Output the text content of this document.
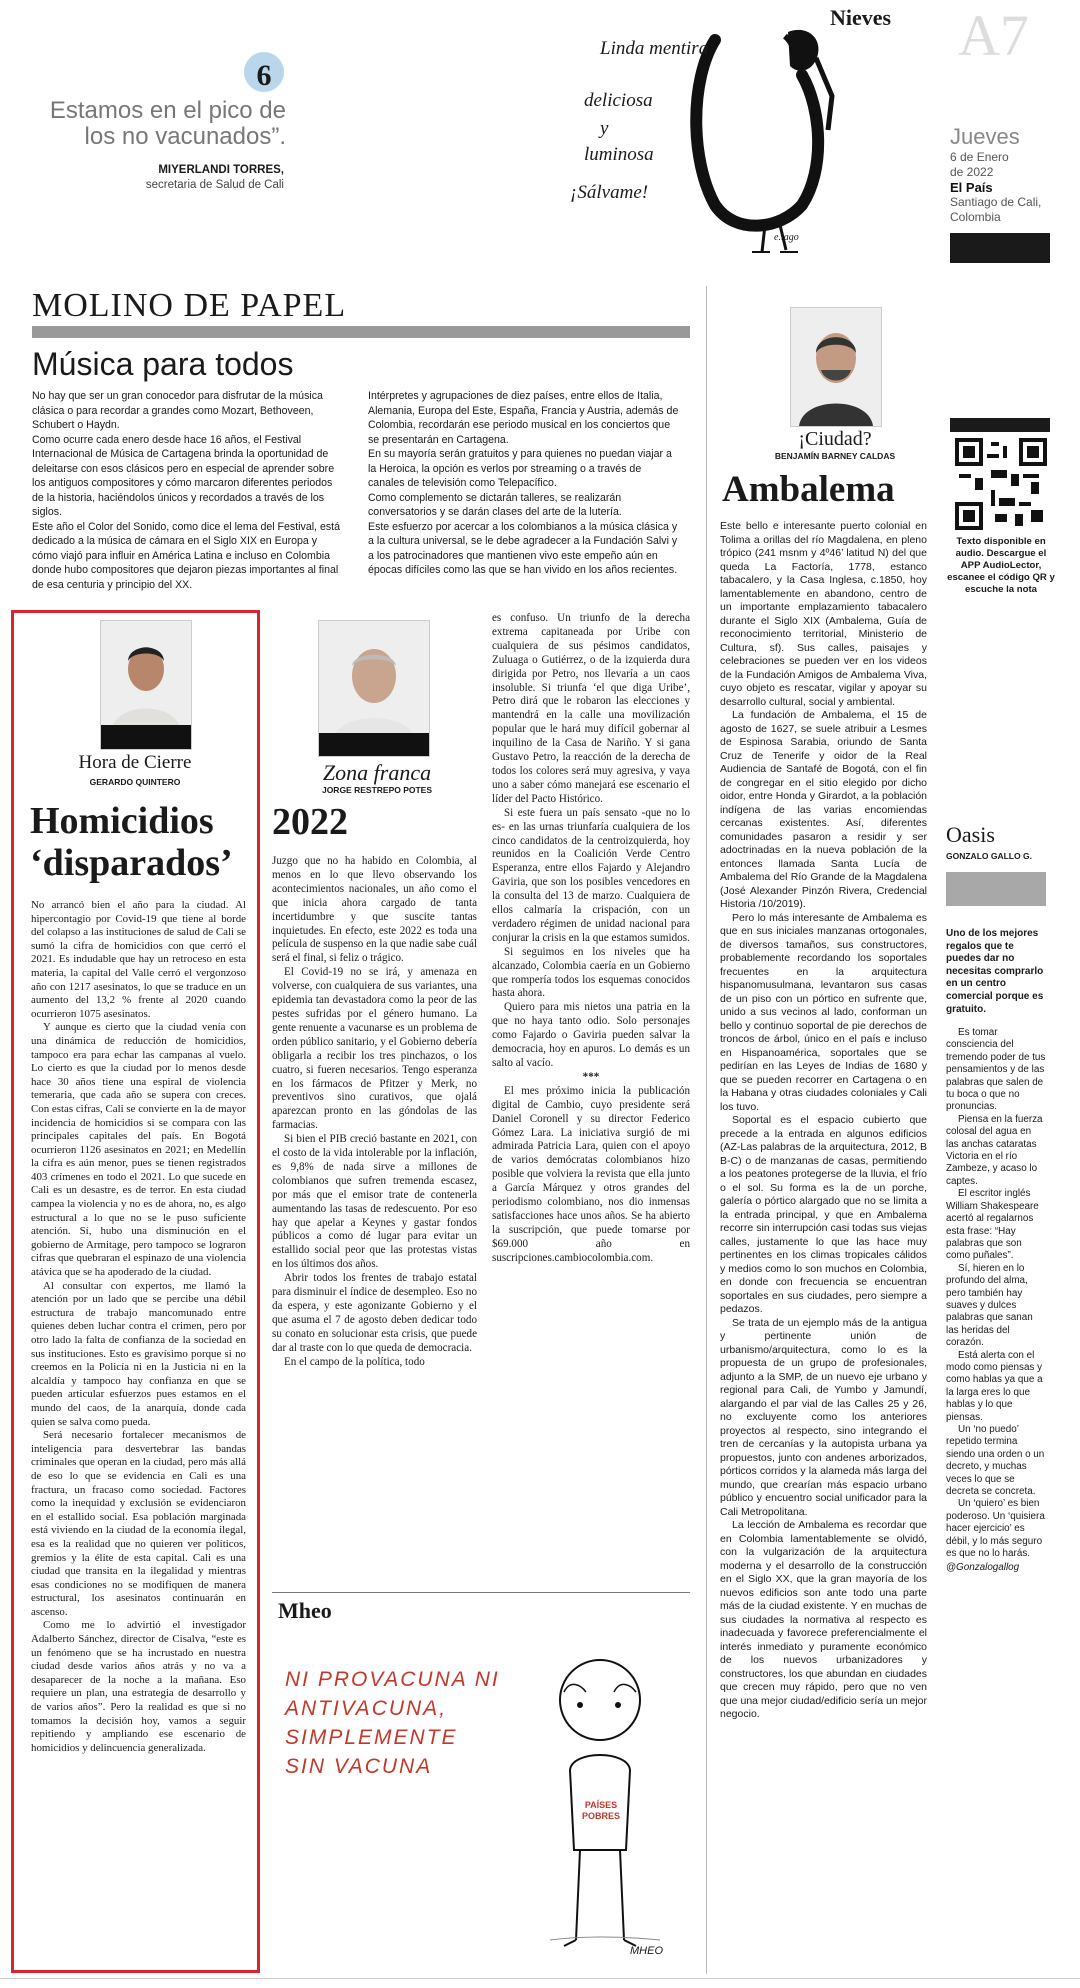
6
Estamos en el pico de
los no vacunados”.
MIYERLANDI TORRES,
secretaria de Salud de Cali
Linda mentira
deliciosa
y
luminosa
¡Sálvame!
e.lago
Nieves A7
Jueves
6 de Enero
de 2022
El País
Santiago de Cali,
Colombia
MOLINO DE PAPEL
Música para todos

No hay que ser un gran conocedor para disfrutar de la música clásica o para recordar a grandes como Mozart, Bethoveen, Schubert o Haydn.

Como ocurre cada enero desde hace 16 años, el Festival Internacional de Música de Cartagena brinda la oportunidad de deleitarse con esos clásicos pero en especial de aprender sobre los antiguos compositores y cómo marcaron diferentes periodos de la historia, haciéndolos únicos y recordados a través de los siglos.

Este año el Color del Sonido, como dice el lema del Festival, está dedicado a la música de cámara en el Siglo XIX en Europa y cómo viajó para influir en América Latina e incluso en Colombia donde hubo compositores que dejaron piezas importantes al final de esa centuria y principio del XX.

Intérpretes y agrupaciones de diez países, entre ellos de Italia, Alemania, Europa del Este, España, Francia y Austria, además de Colombia, recordarán ese periodo musical en los conciertos que se presentarán en Cartagena.

En su mayoría serán gratuitos y para quienes no puedan viajar a la Heroica, la opción es verlos por streaming o a través de canales de televisión como Telepacífico.

Como complemento se dictarán talleres, se realizarán conversatorios y se darán clases del arte de la lutería.

Este esfuerzo por acercar a los colombianos a la música clásica y a la cultura universal, se le debe agradecer a la Fundación Salvi y a los patrocinadores que mantienen vivo este empeño aún en épocas difíciles como las que se han vivido en los años recientes.

Hora de Cierre
GERARDO QUINTERO
Homicidios
‘disparados’

No arrancó bien el año para la ciudad. Al hipercontagio por Covid-19 que tiene al borde del colapso a las instituciones de salud de Cali se sumó la cifra de homicidios con que cerró el 2021. Es indudable que hay un retroceso en esta materia, la capital del Valle cerró el vergonzoso año con 1217 asesinatos, lo que se traduce en un aumento del 13,2 % frente al 2020 cuando ocurrieron 1075 asesinatos.

Y aunque es cierto que la ciudad venía con una dinámica de reducción de homicidios, tampoco era para echar las campanas al vuelo. Lo cierto es que la ciudad por lo menos desde hace 30 años tiene una espiral de violencia temeraria, que cada año se supera con creces. Con estas cifras, Cali se convierte en la de mayor incidencia de homicidios si se compara con las principales capitales del país. En Bogotá ocurrieron 1126 asesinatos en 2021; en Medellín la cifra es aún menor, pues se tienen registrados 403 crímenes en todo el 2021. Lo que sucede en Cali es un desastre, es de terror. En esta ciudad campea la violencia y no es de ahora, no, es algo estructural a lo que no se le puso suficiente atención. Sí, hubo una disminución en el gobierno de Armitage, pero tampoco se lograron cifras que quebraran el espinazo de una violencia atávica que se ha apoderado de la ciudad.

Al consultar con expertos, me llamó la atención por un lado que se percibe una débil estructura de trabajo mancomunado entre quienes deben luchar contra el crimen, pero por otro lado la falta de confianza de la sociedad en sus instituciones. Esto es gravísimo porque si no creemos en la Policía ni en la Justicia ni en la alcaldía y tampoco hay confianza en que se pueden articular esfuerzos pues estamos en el mundo del caos, de la anarquía, donde cada quien se salva como pueda.

Será necesario fortalecer mecanismos de inteligencia para desvertebrar las bandas criminales que operan en la ciudad, pero más allá de eso lo que se evidencia en Cali es una fractura, un fracaso como sociedad. Factores como la inequidad y exclusión se evidenciaron en el estallido social. Esa población marginada está viviendo en la ciudad de la economía ilegal, esa es la realidad que no quieren ver políticos, gremios y la élite de esta capital. Cali es una ciudad que transita en la ilegalidad y mientras esas condiciones no se modifiquen de manera estructural, los asesinatos continuarán en ascenso.

Como me lo advirtió el investigador Adalberto Sánchez, director de Cisalva, “este es un fenómeno que se ha incrustado en nuestra ciudad desde varios años atrás y no va a desaparecer de la noche a la mañana. Eso requiere un plan, una estrategia de desarrollo y de varios años”. Pero la realidad es que si no tomamos la decisión hoy, vamos a seguir repitiendo y ampliando ese escenario de homicidios y delincuencia generalizada.

Zona franca
JORGE RESTREPO POTES
2022

Juzgo que no ha habido en Colombia, al menos en lo que llevo observando los acontecimientos nacionales, un año como el que inicia ahora cargado de tanta incertidumbre y que suscite tantas inquietudes. En efecto, este 2022 es toda una película de suspenso en la que nadie sabe cuál será el final, si feliz o trágico.

El Covid-19 no se irá, y amenaza en volverse, con cualquiera de sus variantes, una epidemia tan devastadora como la peor de las pestes sufridas por el género humano. La gente renuente a vacunarse es un problema de orden público sanitario, y el Gobierno debería obligarla a recibir los tres pinchazos, o los cuatro, si fueren necesarios. Tengo esperanza en los fármacos de Pfitzer y Merk, no preventivos sino curativos, que ojalá aparezcan pronto en las góndolas de las farmacias.

Si bien el PIB creció bastante en 2021, con el costo de la vida intolerable por la inflación, es 9,8% de nada sirve a millones de colombianos que sufren tremenda escasez, por más que el emisor trate de contenerla aumentando las tasas de redescuento. Por eso hay que apelar a Keynes y gastar fondos públicos a como dé lugar para evitar un estallido social peor que las protestas vistas en los últimos dos años.

Abrir todos los frentes de trabajo estatal para disminuir el índice de desempleo. Eso no da espera, y este agonizante Gobierno y el que asuma el 7 de agosto deben dedicar todo su conato en solucionar esta crisis, que puede dar al traste con lo que queda de democracia.

En el campo de la política, todo

es confuso. Un triunfo de la derecha extrema capitaneada por Uribe con cualquiera de sus pésimos candidatos, Zuluaga o Gutiérrez, o de la izquierda dura dirigida por Petro, nos llevaría a un caos insoluble. Si triunfa ‘el que diga Uribe’, Petro dirá que le robaron las elecciones y mantendrá en la calle una movilización popular que le hará muy difícil gobernar al inquilino de la Casa de Nariño. Y si gana Gustavo Petro, la reacción de la derecha de todos los colores será muy agresiva, y vaya uno a saber cómo manejará ese escenario el líder del Pacto Histórico.

Si este fuera un país sensato -que no lo es- en las urnas triunfaría cualquiera de los cinco candidatos de la centroizquierda, hoy reunidos en la Coalición Verde Centro Esperanza, entre ellos Fajardo y Alejandro Gaviria, que son los posibles vencedores en la consulta del 13 de marzo. Cualquiera de ellos calmaría la crispación, con un verdadero régimen de unidad nacional para conjurar la crisis en la que estamos sumidos.

Si seguimos en los niveles que ha alcanzado, Colombia caería en un Gobierno que rompería todos los esquemas conocidos hasta ahora.

Quiero para mis nietos una patria en la que no haya tanto odio. Solo personajes como Fajardo o Gaviria pueden salvar la democracia, hoy en apuros. Lo demás es un salto al vacío.

***

El mes próximo inicia la publicación digital de Cambio, cuyo presidente será Daniel Coronell y su director Federico Gómez Lara. La iniciativa surgió de mi admirada Patricia Lara, quien con el apoyo de varios demócratas colombianos hizo posible que volviera la revista que ella junto a García Márquez y otros grandes del periodismo colombiano, nos dio inmensas satisfacciones hace unos años. Se ha abierto la suscripción, que puede tomarse por $69.000 año en suscripciones.cambiocolombia.com.

Mheo
NI PROVACUNA NI
ANTIVACUNA,
SIMPLEMENTE
SIN VACUNA
PAÍSES
POBRES
MHEO
¡Ciudad?
BENJAMÍN BARNEY CALDAS
Ambalema

Este bello e interesante puerto colonial en Tolima a orillas del río Magdalena, en pleno trópico (241 msnm y 4º46’ latitud N) del que queda La Factoría, 1778, estanco tabacalero, y la Casa Inglesa, c.1850, hoy lamentablemente en abandono, centro de un importante emplazamiento tabacalero durante el Siglo XIX (Ambalema, Guía de reconocimiento territorial, Ministerio de Cultura, sf). Sus calles, paisajes y celebraciones se pueden ver en los videos de la Fundación Amigos de Ambalema Viva, cuyo objeto es rescatar, vigilar y apoyar su desarrollo cultural, social y ambiental.

La fundación de Ambalema, el 15 de agosto de 1627, se suele atribuir a Lesmes de Espinosa Sarabia, oriundo de Santa Cruz de Tenerife y oidor de la Real Audiencia de Santafé de Bogotá, con el fin de congregar en el sitio elegido por dicho oidor, entre Honda y Girardot, a la población indígena de las varias encomiendas cercanas existentes. Así, diferentes comunidades pasaron a residir y ser adoctrinadas en la nueva población de la entonces llamada Santa Lucía de Ambalema del Río Grande de la Magdalena (José Alexander Pinzón Rivera, Credencial Historia /10/2019).

Pero lo más interesante de Ambalema es que en sus iniciales manzanas ortogonales, de diversos tamaños, sus constructores, probablemente recordando los soportales frecuentes en la arquitectura hispanomusulmana, levantaron sus casas de un piso con un pórtico en sufrente que, unido a sus vecinos al lado, conforman un bello y continuo soportal de pie derechos de troncos de árbol, único en el país e incluso en Hispanoamérica, soportales que se pedirían en las Leyes de Indias de 1680 y que se pueden recorrer en Cartagena o en la Habana y otras ciudades coloniales y Cali los tuvo.

Soportal es el espacio cubierto que precede a la entrada en algunos edificios (AZ-Las palabras de la arquitectura, 2012, B B-C) o de manzanas de casas, permitiendo a los peatones protegerse de la lluvia, el frío o el sol. Su forma es la de un porche, galería o pórtico alargado que no se limita a la entrada principal, y que en Ambalema recorre sin interrupción casi todas sus viejas calles, justamente lo que las hace muy pertinentes en los climas tropicales cálidos y medios como lo son muchos en Colombia, en donde con frecuencia se encuentran soportales en sus ciudades, pero siempre a pedazos.

Se trata de un ejemplo más de la antigua y pertinente unión de urbanismo/arquitectura, como lo es la propuesta de un grupo de profesionales, adjunto a la SMP, de un nuevo eje urbano y regional para Cali, de Yumbo y Jamundí, alargando el par vial de las Calles 25 y 26, no excluyente como los anteriores proyectos al respecto, sino integrando el tren de cercanías y la autopista urbana ya propuestos, junto con andenes arborizados, pórticos corridos y la alameda más larga del mundo, que crearían más espacio urbano público y encuentro social unificador para la Cali Metropolitana.

La lección de Ambalema es recordar que en Colombia lamentablemente se olvidó, con la vulgarización de la arquitectura moderna y el desarrollo de la construcción en el Siglo XX, que la gran mayoría de los nuevos edificios son ante todo una parte más de la ciudad existente. Y en muchas de sus ciudades la normativa al respecto es inadecuada y favorece preferencialmente el interés inmediato y puramente económico de los nuevos urbanizadores y constructores, los que abundan en ciudades que crecen muy rápido, pero que no ven que una mejor ciudad/edificio sería un mejor negocio.

Texto disponible en audio. Descargue el APP AudioLector, escanee el código QR y escuche la nota
Oasis
GONZALO GALLO G.
Uno de los mejores regalos que te puedes dar no necesitas comprarlo en un centro comercial porque es gratuito.

Es tomar consciencia del tremendo poder de tus pensamientos y de las palabras que salen de tu boca o que no pronuncias.

Piensa en la fuerza colosal del agua en las anchas cataratas Victoria en el río Zambeze, y acaso lo captes.

El escritor inglés William Shakespeare acertó al regalarnos esta frase: “Hay palabras que son como puñales”.

Sí, hieren en lo profundo del alma, pero también hay suaves y dulces palabras que sanan las heridas del corazón.

Está alerta con el modo como piensas y como hablas ya que a la larga eres lo que hablas y lo que piensas.

Un ‘no puedo’ repetido termina siendo una orden o un decreto, y muchas veces lo que se decreta se concreta.

Un ‘quiero’ es bien poderoso. Un ‘quisiera hacer ejercicio’ es débil, y lo más seguro es que no lo harás.

@Gonzalogallog
